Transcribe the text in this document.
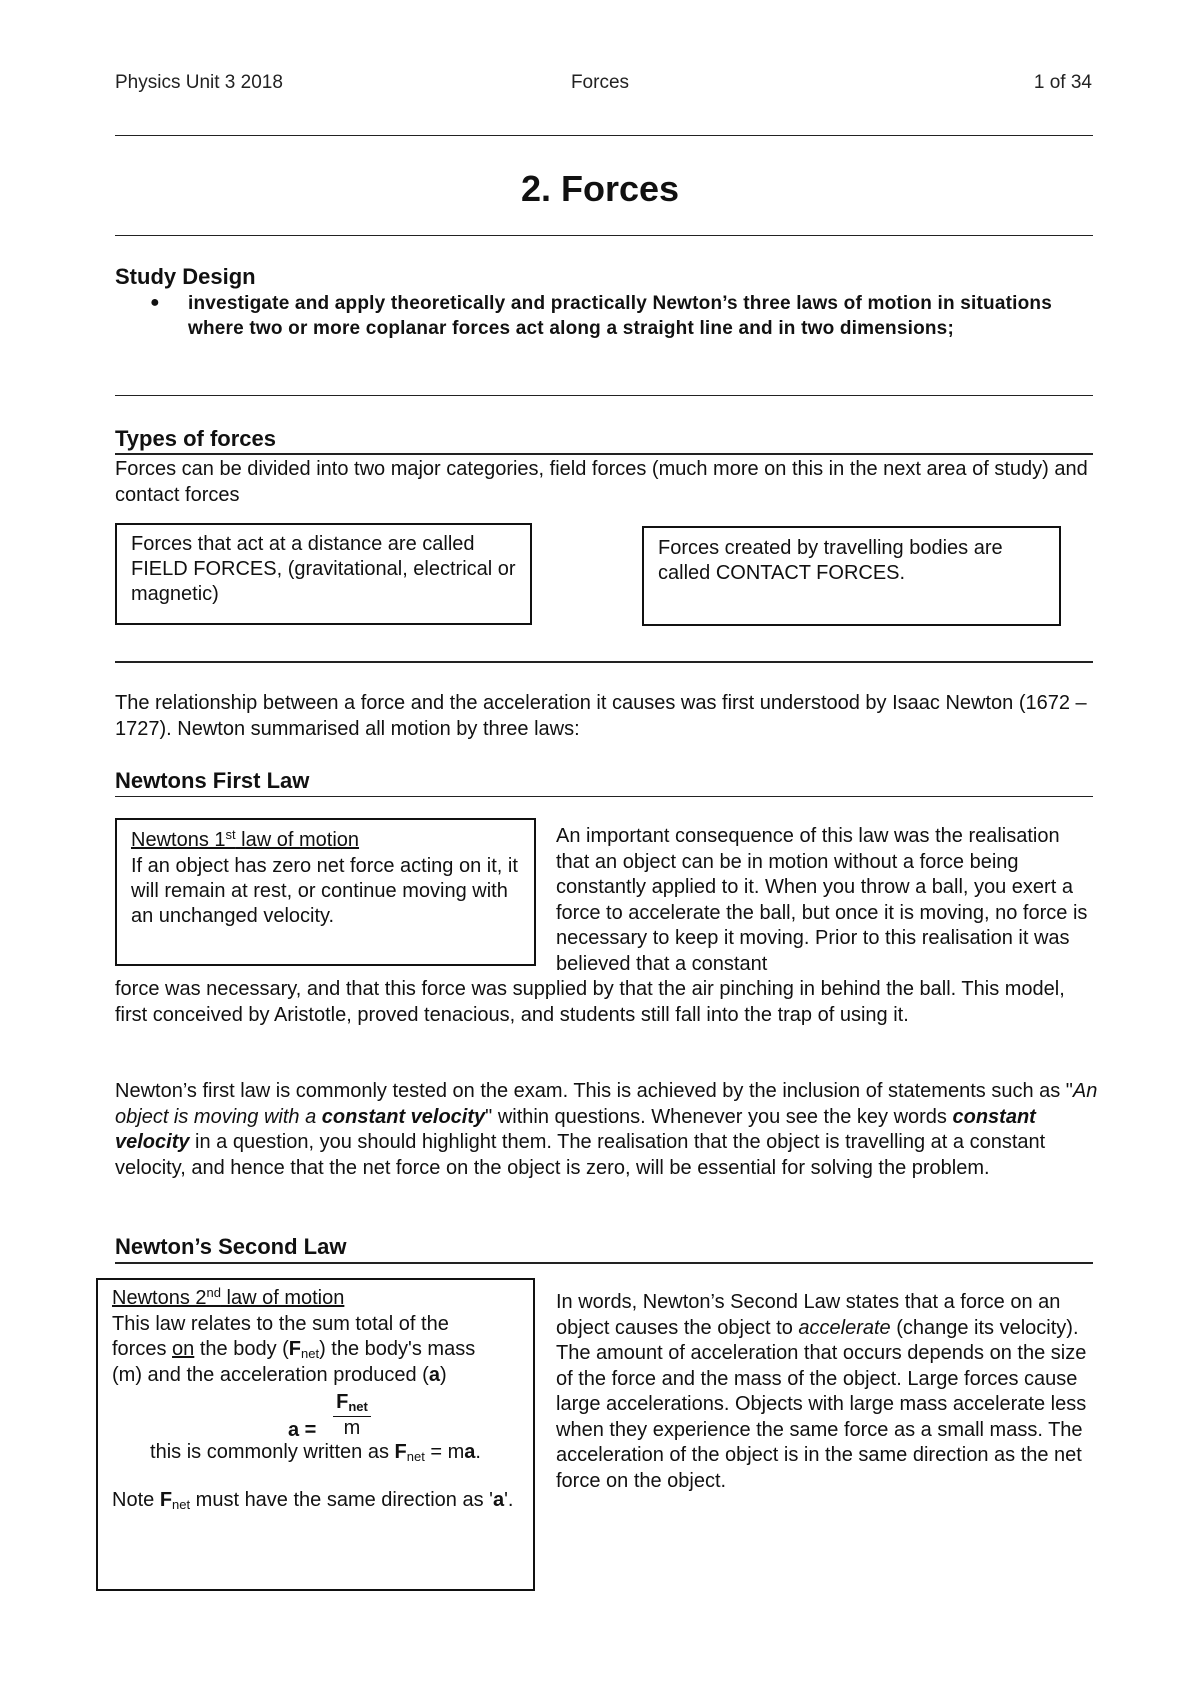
Physics Unit 3 2018	Forces	1 of 34
2. Forces
Study Design
● investigate and apply theoretically and practically Newton’s three laws of motion in situations where two or more coplanar forces act along a straight line and in two dimensions;
Types of forces
Forces can be divided into two major categories, field forces (much more on this in the next area of study) and contact forces
Forces that act at a distance are called FIELD FORCES, (gravitational, electrical or magnetic)
Forces created by travelling bodies are called CONTACT FORCES.
The relationship between a force and the acceleration it causes was first understood by Isaac Newton (1672 – 1727). Newton summarised all motion by three laws:
Newtons First Law
Newtons 1st law of motion
If an object has zero net force acting on it, it will remain at rest, or continue moving with an unchanged velocity.
An important consequence of this law was the realisation that an object can be in motion without a force being constantly applied to it. When you throw a ball, you exert a force to accelerate the ball, but once it is moving, no force is necessary to keep it moving. Prior to this realisation it was believed that a constant
force was necessary, and that this force was supplied by that the air pinching in behind the ball. This model, first conceived by Aristotle, proved tenacious, and students still fall into the trap of using it.
Newton’s first law is commonly tested on the exam. This is achieved by the inclusion of statements such as "An object is moving with a constant velocity" within questions. Whenever you see the key words constant velocity in a question, you should highlight them. The realisation that the object is travelling at a constant velocity, and hence that the net force on the object is zero, will be essential for solving the problem.
Newton’s Second Law
Newtons 2nd law of motion
This law relates to the sum total of the
forces on the body (Fnet) the body's mass
(m) and the acceleration produced (a)
Fnet
a =	m
this is commonly written as Fnet = ma.
Note Fnet must have the same direction as 'a'.
In words, Newton’s Second Law states that a force on an object causes the object to accelerate (change its velocity). The amount of acceleration that occurs depends on the size of the force and the mass of the object. Large forces cause large accelerations. Objects with large mass accelerate less when they experience the same force as a small mass. The acceleration of the object is in the same direction as the net force on the object.
